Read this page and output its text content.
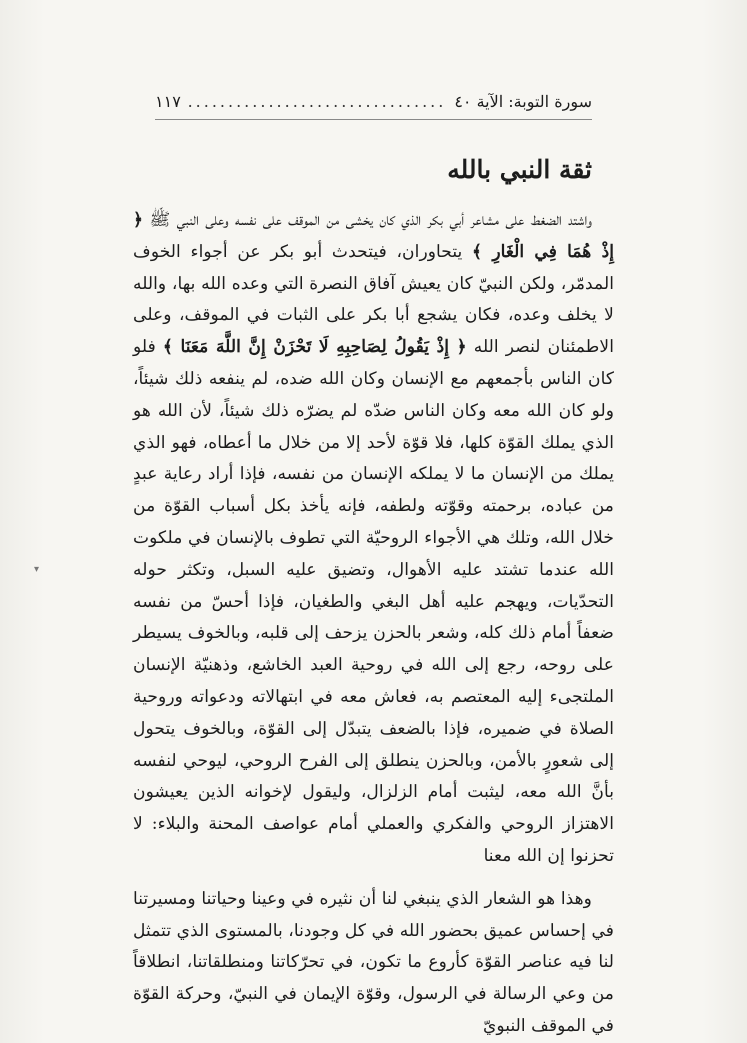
سورة التوبة: الآية ٤٠
.....
١١٧
ثقة النبي بالله

واشتد الضغط على مشاعر أبي بكر الذي كان يخشى من الموقف على نفسه وعلى النبي ﷺ ﴿ إِذْ هُمَا فِي الْغَارِ ﴾ يتحاوران، فيتحدث أبو بكر عن أجواء الخوف المدمّر، ولكن النبيّ كان يعيش آفاق النصرة التي وعده الله بها، والله لا يخلف وعده، فكان يشجع أبا بكر على الثبات في الموقف، وعلى الاطمئنان لنصر الله ﴿ إِذْ يَقُولُ لِصَاحِبِهِ لَا تَحْزَنْ إِنَّ اللَّهَ مَعَنَا ﴾ فلو كان الناس بأجمعهم مع الإنسان وكان الله ضده، لم ينفعه ذلك شيئاً، ولو كان الله معه وكان الناس ضدّه لم يضرّه ذلك شيئاً، لأن الله هو الذي يملك القوّة كلها، فلا قوّة لأحد إلا من خلال ما أعطاه، فهو الذي يملك من الإنسان ما لا يملكه الإنسان من نفسه، فإذا أراد رعاية عبدٍ من عباده، برحمته وقوّته ولطفه، فإنه يأخذ بكل أسباب القوّة من خلال الله، وتلك هي الأجواء الروحيّة التي تطوف بالإنسان في ملكوت الله عندما تشتد عليه الأهوال، وتضيق عليه السبل، وتكثر حوله التحدّيات، ويهجم عليه أهل البغي والطغيان، فإذا أحسّ من نفسه ضعفاً أمام ذلك كله، وشعر بالحزن يزحف إلى قلبه، وبالخوف يسيطر على روحه، رجع إلى الله في روحية العبد الخاشع، وذهنيّة الإنسان الملتجىء إليه المعتصم به، فعاش معه في ابتهالاته ودعواته وروحية الصلاة في ضميره، فإذا بالضعف يتبدّل إلى القوّة، وبالخوف يتحول إلى شعورٍ بالأمن، وبالحزن ينطلق إلى الفرح الروحي، ليوحي لنفسه بأنَّ الله معه، ليثبت أمام الزلزال، وليقول لإخوانه الذين يعيشون الاهتزاز الروحي والفكري والعملي أمام عواصف المحنة والبلاء: لا تحزنوا إن الله معنا

وهذا هو الشعار الذي ينبغي لنا أن نثيره في وعينا وحياتنا ومسيرتنا في إحساس عميق بحضور الله في كل وجودنا، بالمستوى الذي تتمثل لنا فيه عناصر القوّة كأروع ما تكون، في تحرّكاتنا ومنطلقاتنا، انطلاقاً من وعي الرسالة في الرسول، وقوّة الإيمان في النبيّ، وحركة القوّة في الموقف النبويّ

▾
